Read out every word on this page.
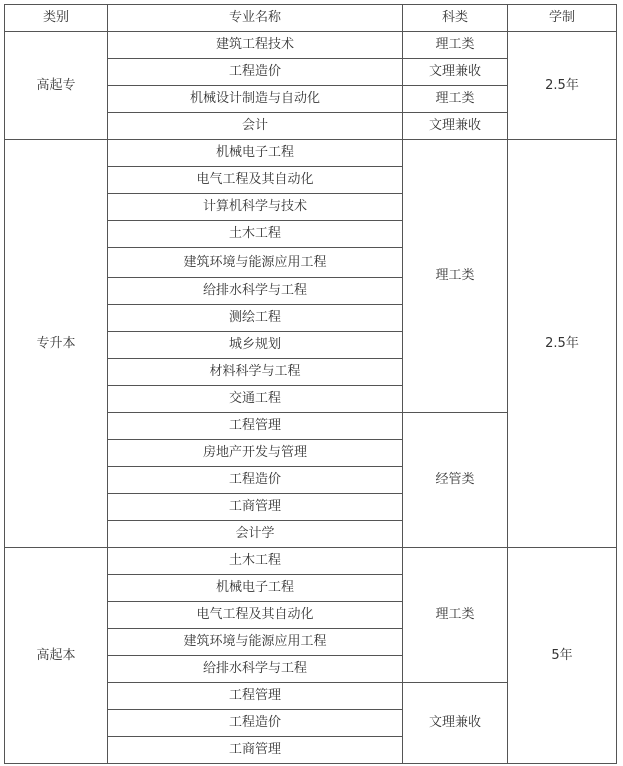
类别	专业名称	科类	学制
高起专	建筑工程技术	理工类	2.5年
	工程造价	文理兼收	
	机械设计制造与自动化	理工类	
	会计	文理兼收	
专升本	机械电子工程	理工类	2.5年
	电气工程及其自动化		
	计算机科学与技术		
	土木工程		
	建筑环境与能源应用工程		
	给排水科学与工程		
	测绘工程		
	城乡规划		
	材料科学与工程		
	交通工程		
	工程管理	经管类	
	房地产开发与管理		
	工程造价		
	工商管理		
	会计学		
高起本	土木工程	理工类	5年
	机械电子工程		
	电气工程及其自动化		
	建筑环境与能源应用工程		
	给排水科学与工程		
	工程管理	文理兼收	
	工程造价		
	工商管理		
